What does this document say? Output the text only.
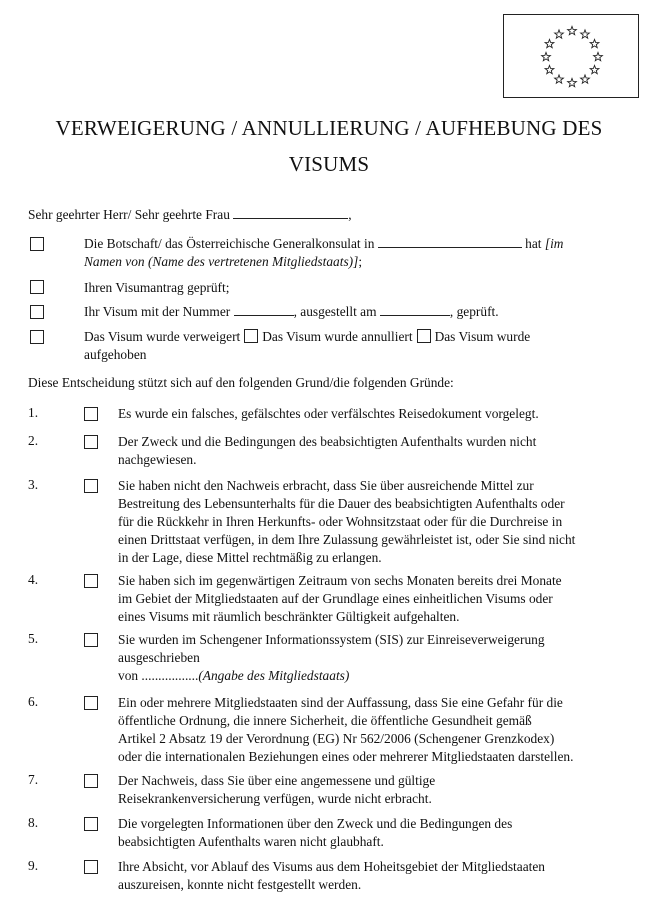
VERWEIGERUNG / ANNULLIERUNG / AUFHEBUNG DES
VISUMS
Sehr geehrter Herr/ Sehr geehrte Frau	,
Die Botschaft/ das Österreichische Generalkonsulat in	hat [im
Namen von (Name des vertretenen Mitgliedstaats)];
Ihren Visumantrag geprüft;
Ihr Visum mit der Nummer	, ausgestellt am	, geprüft.
Das Visum wurde verweigert Das Visum wurde annulliert Das Visum wurde
aufgehoben
Diese Entscheidung stützt sich auf den folgenden Grund/die folgenden Gründe:
1.	Es wurde ein falsches, gefälschtes oder verfälschtes Reisedokument vorgelegt.
2.	Der Zweck und die Bedingungen des beabsichtigten Aufenthalts wurden nicht
nachgewiesen.
3.	Sie haben nicht den Nachweis erbracht, dass Sie über ausreichende Mittel zur
Bestreitung des Lebensunterhalts für die Dauer des beabsichtigten Aufenthalts oder
für die Rückkehr in Ihren Herkunfts- oder Wohnsitzstaat oder für die Durchreise in
einen Drittstaat verfügen, in dem Ihre Zulassung gewährleistet ist, oder Sie sind nicht
in der Lage, diese Mittel rechtmäßig zu erlangen.
4.	Sie haben sich im gegenwärtigen Zeitraum von sechs Monaten bereits drei Monate
im Gebiet der Mitgliedstaaten auf der Grundlage eines einheitlichen Visums oder
eines Visums mit räumlich beschränkter Gültigkeit aufgehalten.
5.	Sie wurden im Schengener Informationssystem (SIS) zur Einreiseverweigerung
ausgeschrieben
von .................(Angabe des Mitgliedstaats)
6.	Ein oder mehrere Mitgliedstaaten sind der Auffassung, dass Sie eine Gefahr für die
öffentliche Ordnung, die innere Sicherheit, die öffentliche Gesundheit gemäß
Artikel 2 Absatz 19 der Verordnung (EG) Nr 562/2006 (Schengener Grenzkodex)
oder die internationalen Beziehungen eines oder mehrerer Mitgliedstaaten darstellen.
7.	Der Nachweis, dass Sie über eine angemessene und gültige
Reisekrankenversicherung verfügen, wurde nicht erbracht.
8.	Die vorgelegten Informationen über den Zweck und die Bedingungen des
beabsichtigten Aufenthalts waren nicht glaubhaft.
9.	Ihre Absicht, vor Ablauf des Visums aus dem Hoheitsgebiet der Mitgliedstaaten
auszureisen, konnte nicht festgestellt werden.
